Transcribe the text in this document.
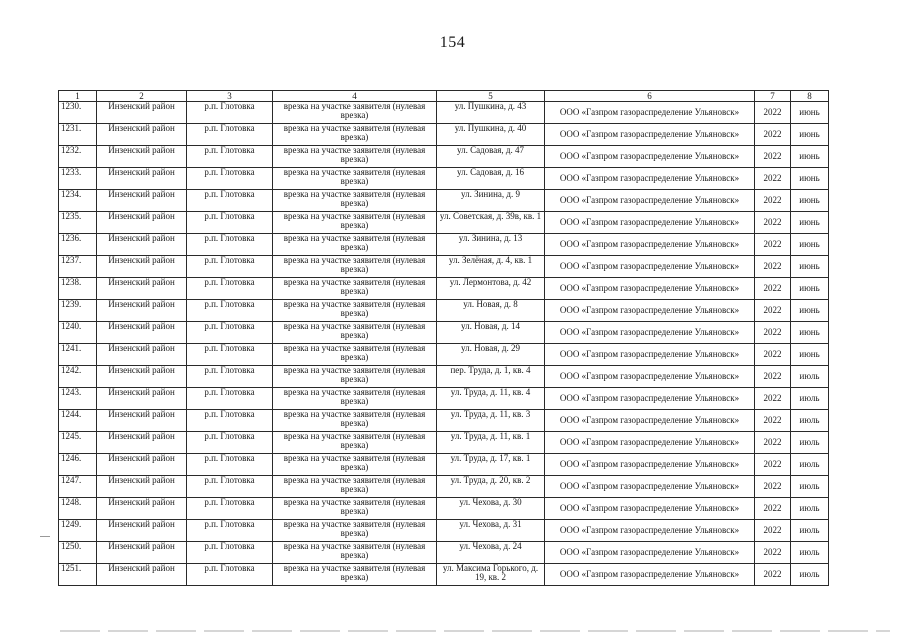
154
1	2	3	4	5	6	7	8
1230.	Инзенский район	р.п. Глотовка	врезка на участке заявителя (нулевая врезка)	ул. Пушкина, д. 43	ООО «Газпром газораспределение Ульяновск»	2022	июнь
1231.	Инзенский район	р.п. Глотовка	врезка на участке заявителя (нулевая врезка)	ул. Пушкина, д. 40	ООО «Газпром газораспределение Ульяновск»	2022	июнь
1232.	Инзенский район	р.п. Глотовка	врезка на участке заявителя (нулевая врезка)	ул. Садовая, д. 47	ООО «Газпром газораспределение Ульяновск»	2022	июнь
1233.	Инзенский район	р.п. Глотовка	врезка на участке заявителя (нулевая врезка)	ул. Садовая, д. 16	ООО «Газпром газораспределение Ульяновск»	2022	июнь
1234.	Инзенский район	р.п. Глотовка	врезка на участке заявителя (нулевая врезка)	ул. Зинина, д. 9	ООО «Газпром газораспределение Ульяновск»	2022	июнь
1235.	Инзенский район	р.п. Глотовка	врезка на участке заявителя (нулевая врезка)	ул. Советская, д. 39в, кв. 1	ООО «Газпром газораспределение Ульяновск»	2022	июнь
1236.	Инзенский район	р.п. Глотовка	врезка на участке заявителя (нулевая врезка)	ул. Зинина, д. 13	ООО «Газпром газораспределение Ульяновск»	2022	июнь
1237.	Инзенский район	р.п. Глотовка	врезка на участке заявителя (нулевая врезка)	ул. Зелёная, д. 4, кв. 1	ООО «Газпром газораспределение Ульяновск»	2022	июнь
1238.	Инзенский район	р.п. Глотовка	врезка на участке заявителя (нулевая врезка)	ул. Лермонтова, д. 42	ООО «Газпром газораспределение Ульяновск»	2022	июнь
1239.	Инзенский район	р.п. Глотовка	врезка на участке заявителя (нулевая врезка)	ул. Новая, д. 8	ООО «Газпром газораспределение Ульяновск»	2022	июнь
1240.	Инзенский район	р.п. Глотовка	врезка на участке заявителя (нулевая врезка)	ул. Новая, д. 14	ООО «Газпром газораспределение Ульяновск»	2022	июнь
1241.	Инзенский район	р.п. Глотовка	врезка на участке заявителя (нулевая врезка)	ул. Новая, д. 29	ООО «Газпром газораспределение Ульяновск»	2022	июнь
1242.	Инзенский район	р.п. Глотовка	врезка на участке заявителя (нулевая врезка)	пер. Труда, д. 1, кв. 4	ООО «Газпром газораспределение Ульяновск»	2022	июль
1243.	Инзенский район	р.п. Глотовка	врезка на участке заявителя (нулевая врезка)	ул. Труда, д. 11, кв. 4	ООО «Газпром газораспределение Ульяновск»	2022	июль
1244.	Инзенский район	р.п. Глотовка	врезка на участке заявителя (нулевая врезка)	ул. Труда, д. 11, кв. 3	ООО «Газпром газораспределение Ульяновск»	2022	июль
1245.	Инзенский район	р.п. Глотовка	врезка на участке заявителя (нулевая врезка)	ул. Труда, д. 11, кв. 1	ООО «Газпром газораспределение Ульяновск»	2022	июль
1246.	Инзенский район	р.п. Глотовка	врезка на участке заявителя (нулевая врезка)	ул. Труда, д. 17, кв. 1	ООО «Газпром газораспределение Ульяновск»	2022	июль
1247.	Инзенский район	р.п. Глотовка	врезка на участке заявителя (нулевая врезка)	ул. Труда, д. 20, кв. 2	ООО «Газпром газораспределение Ульяновск»	2022	июль
1248.	Инзенский район	р.п. Глотовка	врезка на участке заявителя (нулевая врезка)	ул. Чехова, д. 30	ООО «Газпром газораспределение Ульяновск»	2022	июль
1249.	Инзенский район	р.п. Глотовка	врезка на участке заявителя (нулевая врезка)	ул. Чехова, д. 31	ООО «Газпром газораспределение Ульяновск»	2022	июль
1250.	Инзенский район	р.п. Глотовка	врезка на участке заявителя (нулевая врезка)	ул. Чехова, д. 24	ООО «Газпром газораспределение Ульяновск»	2022	июль
1251.	Инзенский район	р.п. Глотовка	врезка на участке заявителя (нулевая врезка)	ул. Максима Горького, д. 19, кв. 2	ООО «Газпром газораспределение Ульяновск»	2022	июль
